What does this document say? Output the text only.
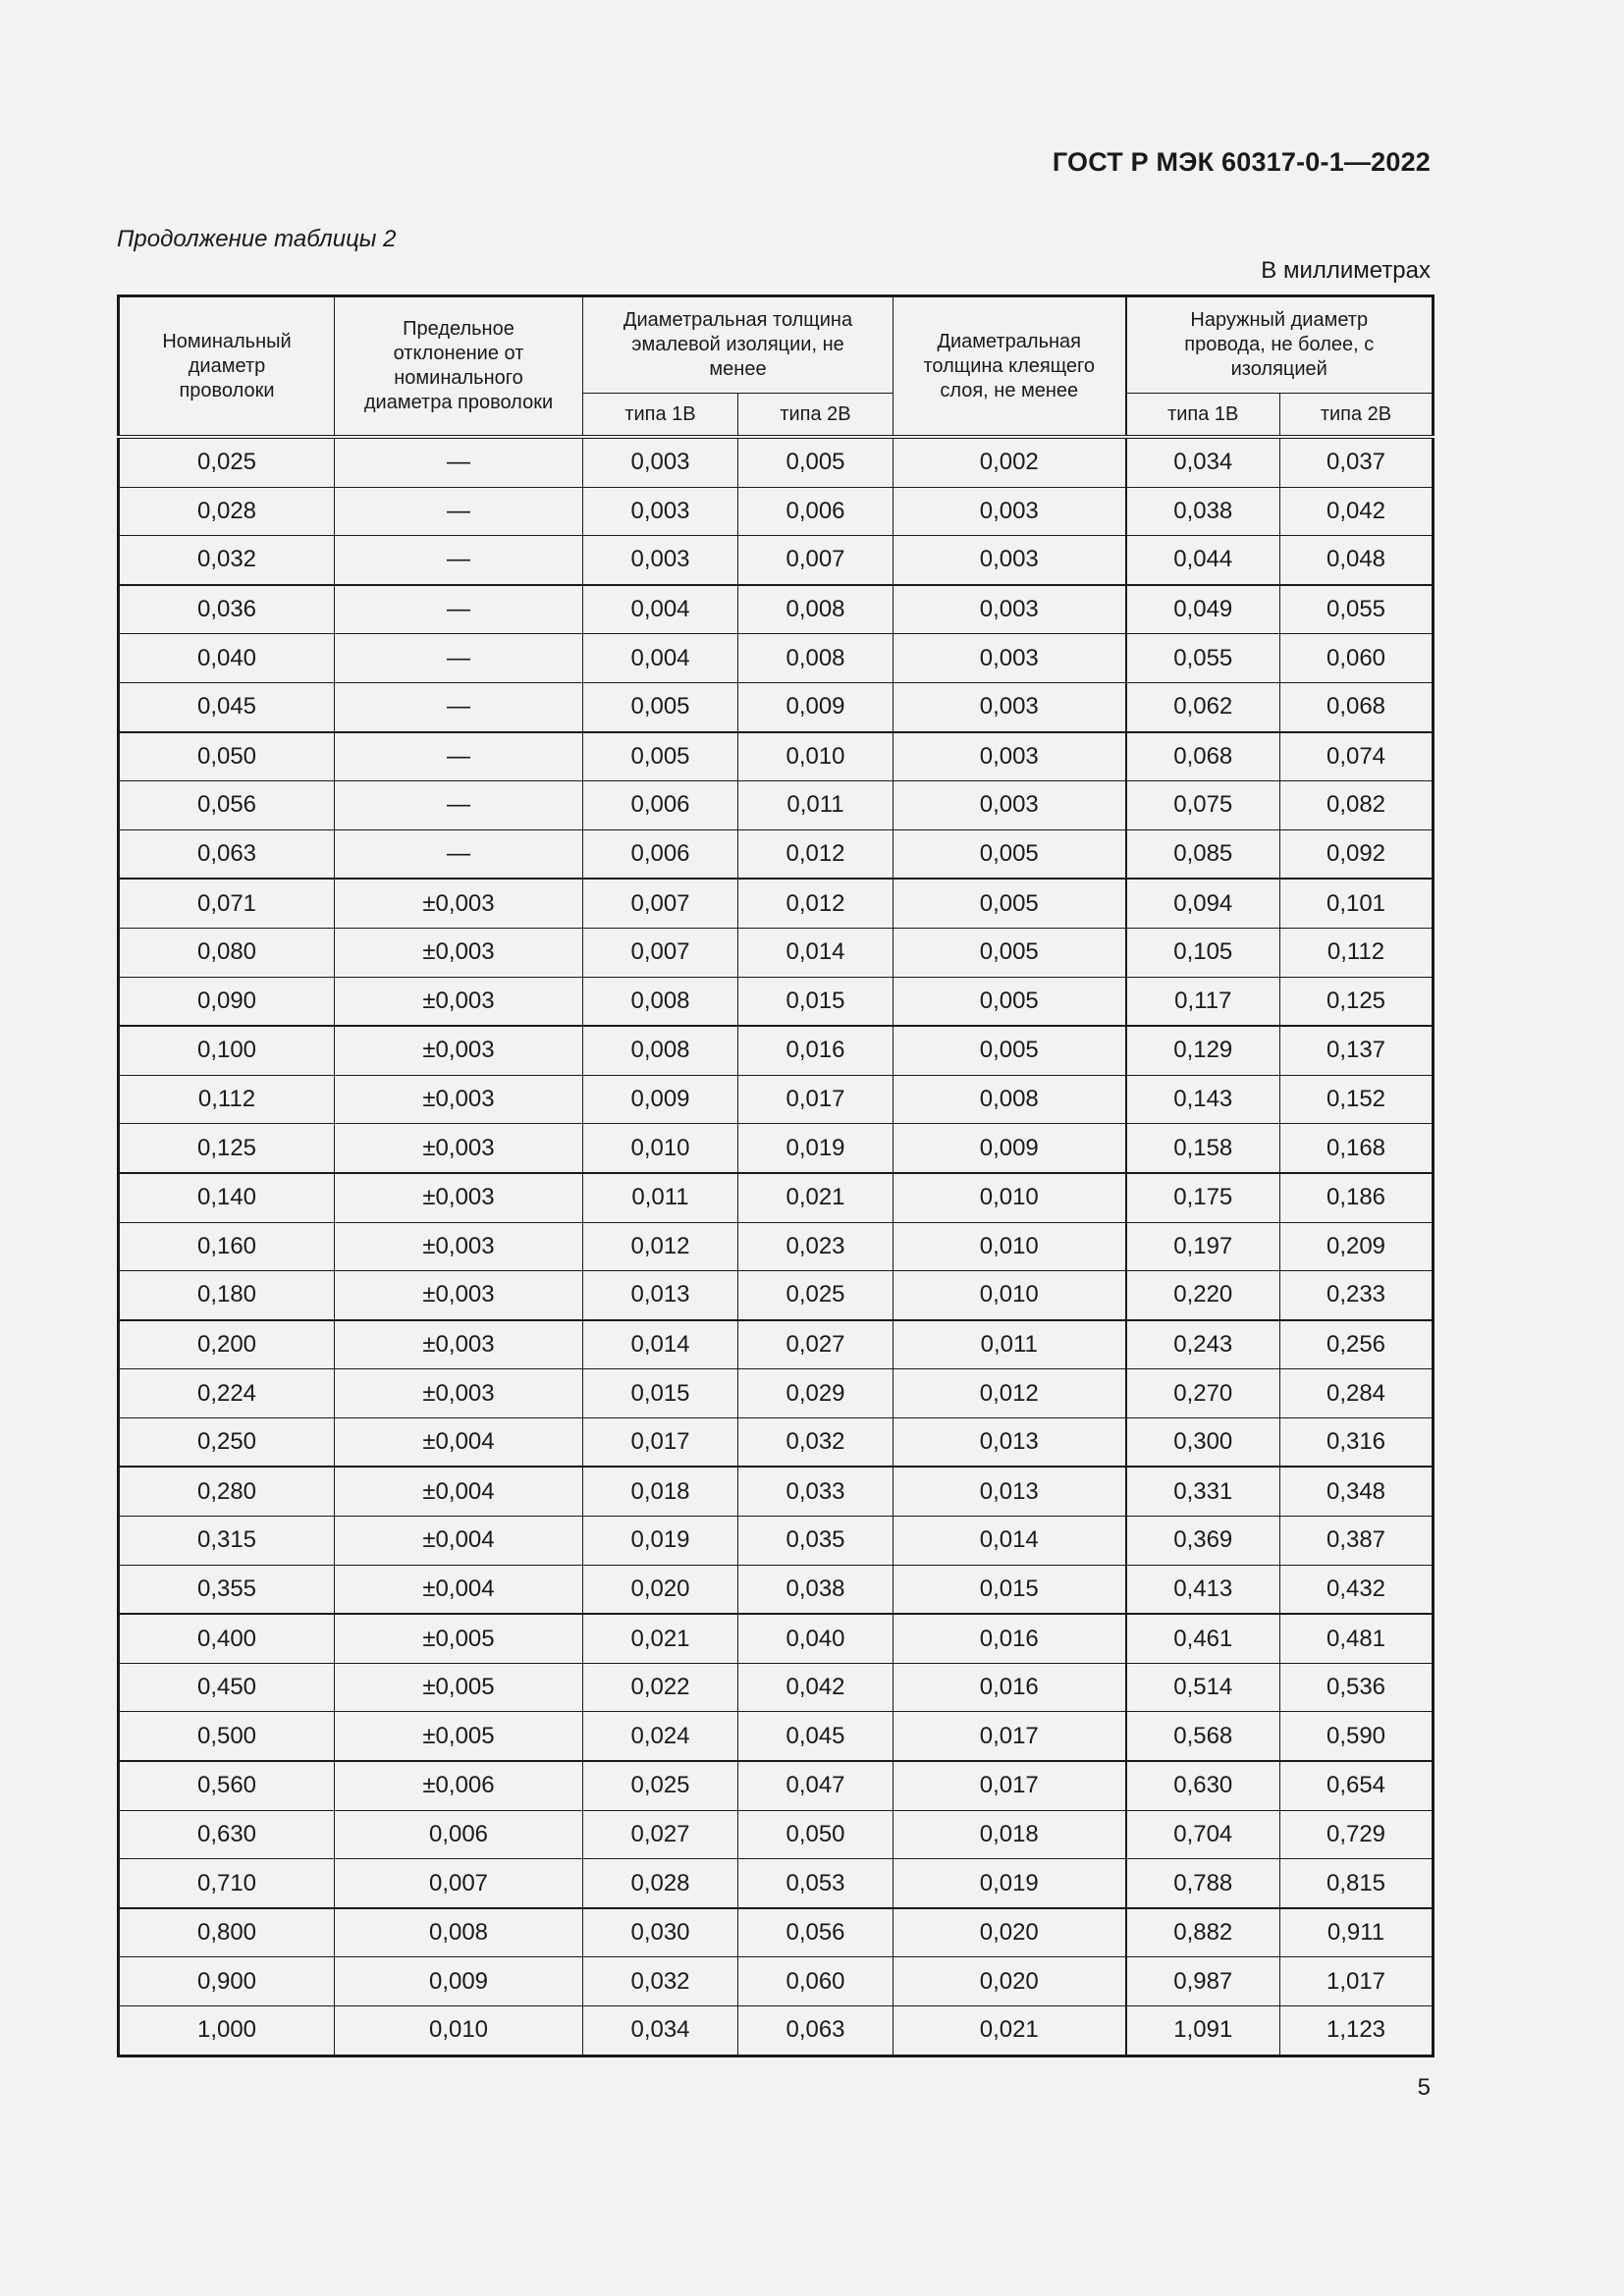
ГОСТ Р МЭК 60317-0-1—2022
Продолжение таблицы 2
В миллиметрах
Номинальный диаметр проволоки	Предельное отклонение от номинального диаметра проволоки	Диаметральная толщина эмалевой изоляции, не менее		Диаметральная толщина клеящего слоя, не менее	Наружный диаметр провода, не более, с изоляцией	

		типа 1В	типа 2В		типа 1В	типа 2В
0,025	—	0,003	0,005	0,002	0,034	0,037
0,028	—	0,003	0,006	0,003	0,038	0,042
0,032	—	0,003	0,007	0,003	0,044	0,048
0,036	—	0,004	0,008	0,003	0,049	0,055
0,040	—	0,004	0,008	0,003	0,055	0,060
0,045	—	0,005	0,009	0,003	0,062	0,068
0,050	—	0,005	0,010	0,003	0,068	0,074
0,056	—	0,006	0,011	0,003	0,075	0,082
0,063	—	0,006	0,012	0,005	0,085	0,092
0,071	±0,003	0,007	0,012	0,005	0,094	0,101
0,080	±0,003	0,007	0,014	0,005	0,105	0,112
0,090	±0,003	0,008	0,015	0,005	0,117	0,125
0,100	±0,003	0,008	0,016	0,005	0,129	0,137
0,112	±0,003	0,009	0,017	0,008	0,143	0,152
0,125	±0,003	0,010	0,019	0,009	0,158	0,168
0,140	±0,003	0,011	0,021	0,010	0,175	0,186
0,160	±0,003	0,012	0,023	0,010	0,197	0,209
0,180	±0,003	0,013	0,025	0,010	0,220	0,233
0,200	±0,003	0,014	0,027	0,011	0,243	0,256
0,224	±0,003	0,015	0,029	0,012	0,270	0,284
0,250	±0,004	0,017	0,032	0,013	0,300	0,316
0,280	±0,004	0,018	0,033	0,013	0,331	0,348
0,315	±0,004	0,019	0,035	0,014	0,369	0,387
0,355	±0,004	0,020	0,038	0,015	0,413	0,432
0,400	±0,005	0,021	0,040	0,016	0,461	0,481
0,450	±0,005	0,022	0,042	0,016	0,514	0,536
0,500	±0,005	0,024	0,045	0,017	0,568	0,590
0,560	±0,006	0,025	0,047	0,017	0,630	0,654
0,630	0,006	0,027	0,050	0,018	0,704	0,729
0,710	0,007	0,028	0,053	0,019	0,788	0,815
0,800	0,008	0,030	0,056	0,020	0,882	0,911
0,900	0,009	0,032	0,060	0,020	0,987	1,017
1,000	0,010	0,034	0,063	0,021	1,091	1,123
5
